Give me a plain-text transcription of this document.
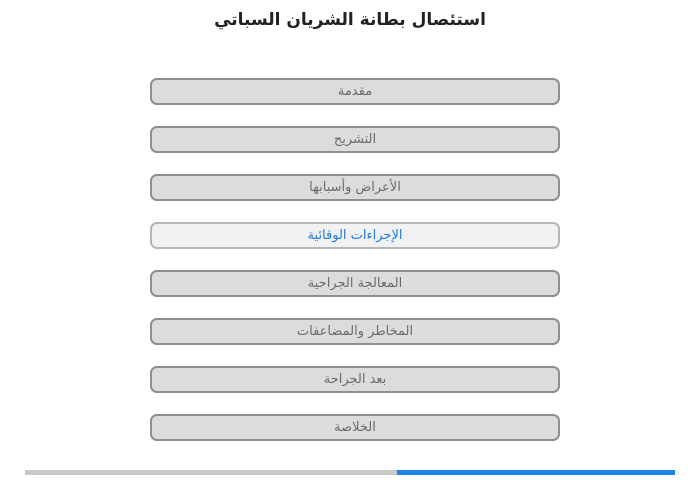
استئصال بطانة الشريان السباتي
مقدمة
التشريح
الأعراض وأسبابها
الإجراءات الوقائية
المعالجة الجراحية
المخاطر والمضاعفات
بعد الجراحة
الخلاصة
